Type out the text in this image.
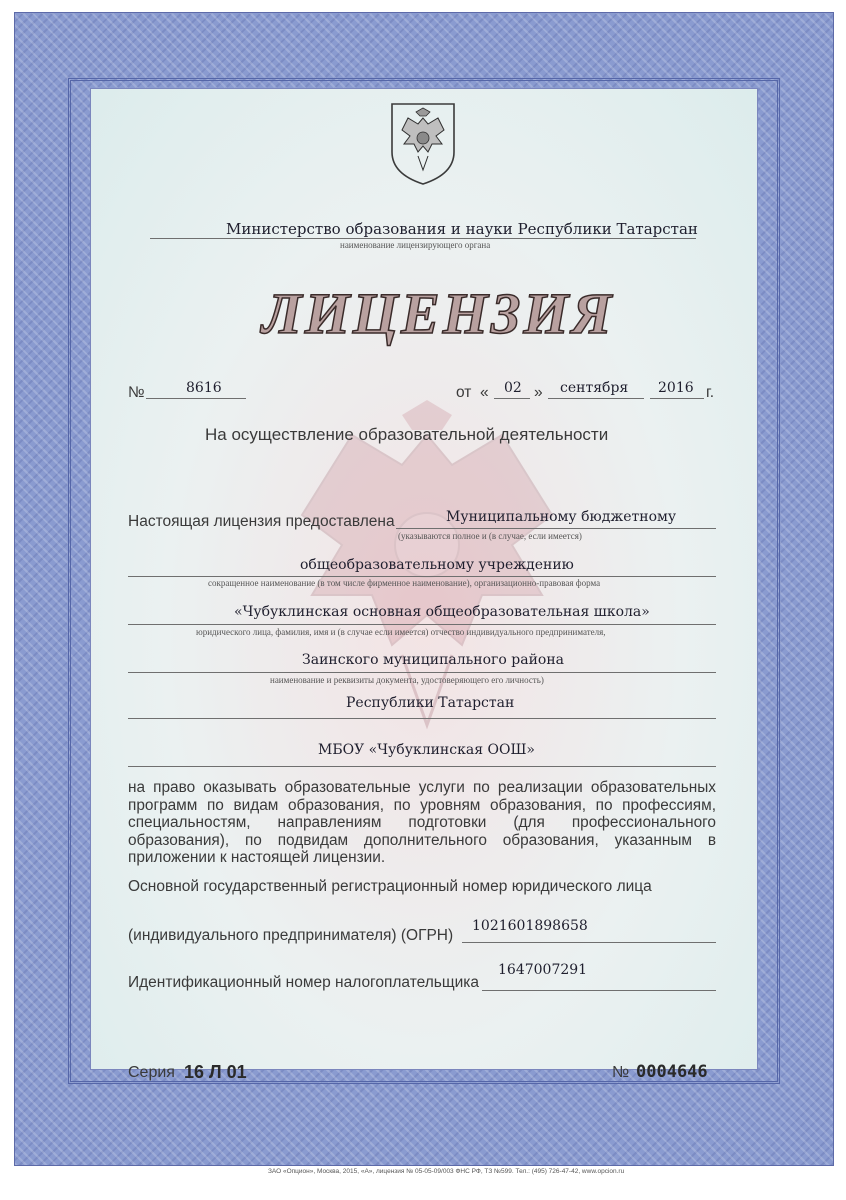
Министерство образования и науки Республики Татарстан
наименование лицензирующего органа
ЛИЦЕНЗИЯ
№	8616	от « 02 » сентября 2016 г.
На осуществление образовательной деятельности
Настоящая лицензия предоставлена	Муниципальному бюджетному
(указываются полное и (в случае, если имеется)
общеобразовательному учреждению
сокращенное наименование (в том числе фирменное наименование), организационно-правовая форма
«Чубуклинская основная общеобразовательная школа»
юридического лица, фамилия, имя и (в случае если имеется) отчество индивидуального предпринимателя,
Заинского муниципального района
наименование и реквизиты документа, удостоверяющего его личность)
Республики Татарстан
МБОУ «Чубуклинская ООШ»
на право оказывать образовательные услуги по реализации образовательных программ по видам образования, по уровням образования, по профессиям, специальностям, направлениям подготовки (для профессионального образования), по подвидам дополнительного образования, указанным в приложении к настоящей лицензии.
Основной государственный регистрационный номер юридического лица
(индивидуального предпринимателя) (ОГРН)
1021601898658
Идентификационный номер налогоплательщика
1647007291
Серия 16 Л 01	№ 0004646
ЗАО «Опцион», Москва, 2015, «А», лицензия № 05-05-09/003 ФНС РФ, ТЗ №599. Тел.: (495) 726-47-42, www.opcion.ru
